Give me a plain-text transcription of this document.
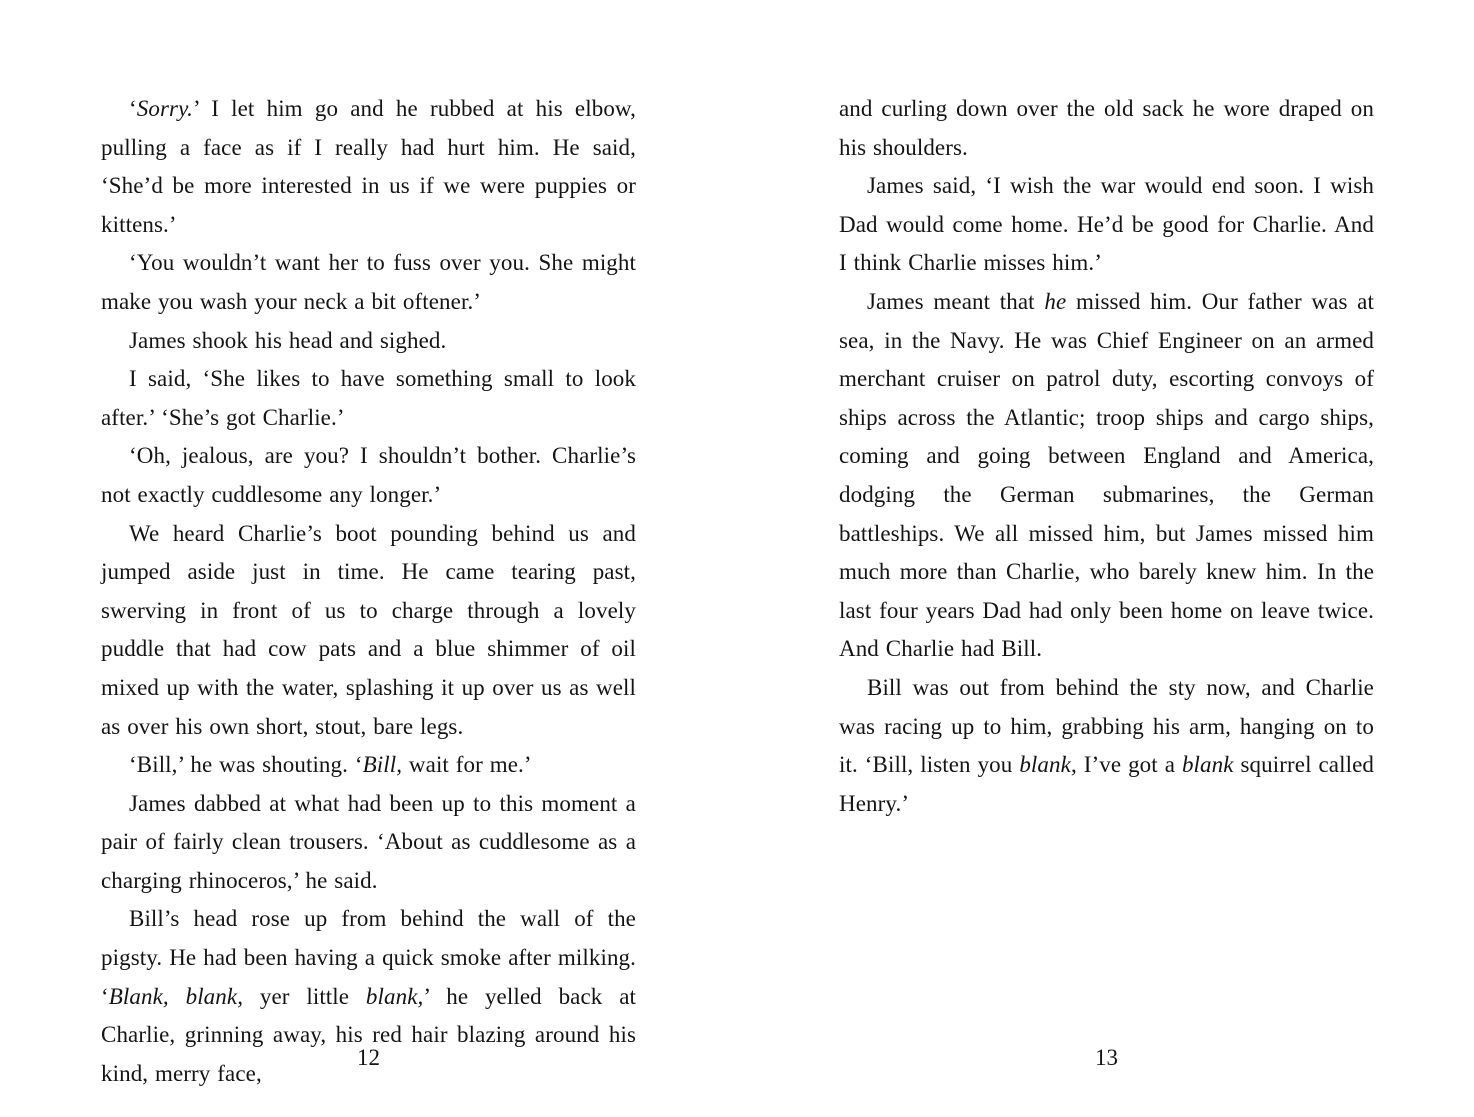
‘Sorry.’ I let him go and he rubbed at his elbow, pulling a face as if I really had hurt him. He said, ‘She’d be more interested in us if we were puppies or kittens.’

‘You wouldn’t want her to fuss over you. She might make you wash your neck a bit oftener.’

James shook his head and sighed.

I said, ‘She likes to have something small to look after.’ ‘She’s got Charlie.’

‘Oh, jealous, are you? I shouldn’t bother. Charlie’s not exactly cuddlesome any longer.’

We heard Charlie’s boot pounding behind us and jumped aside just in time. He came tearing past, swerving in front of us to charge through a lovely puddle that had cow pats and a blue shimmer of oil mixed up with the water, splashing it up over us as well as over his own short, stout, bare legs.

‘Bill,’ he was shouting. ‘Bill, wait for me.’

James dabbed at what had been up to this moment a pair of fairly clean trousers. ‘About as cuddlesome as a charging rhinoceros,’ he said.

Bill’s head rose up from behind the wall of the pigsty. He had been having a quick smoke after milking. ‘Blank, blank, yer little blank,’ he yelled back at Charlie, grinning away, his red hair blazing around his kind, merry face,

12

and curling down over the old sack he wore draped on his shoulders.

James said, ‘I wish the war would end soon. I wish Dad would come home. He’d be good for Charlie. And I think Charlie misses him.’

James meant that he missed him. Our father was at sea, in the Navy. He was Chief Engineer on an armed merchant cruiser on patrol duty, escorting convoys of ships across the Atlantic; troop ships and cargo ships, coming and going between England and America, dodging the German submarines, the German battleships. We all missed him, but James missed him much more than Charlie, who barely knew him. In the last four years Dad had only been home on leave twice. And Charlie had Bill.

Bill was out from behind the sty now, and Charlie was racing up to him, grabbing his arm, hanging on to it. ‘Bill, listen you blank, I’ve got a blank squirrel called Henry.’

13
